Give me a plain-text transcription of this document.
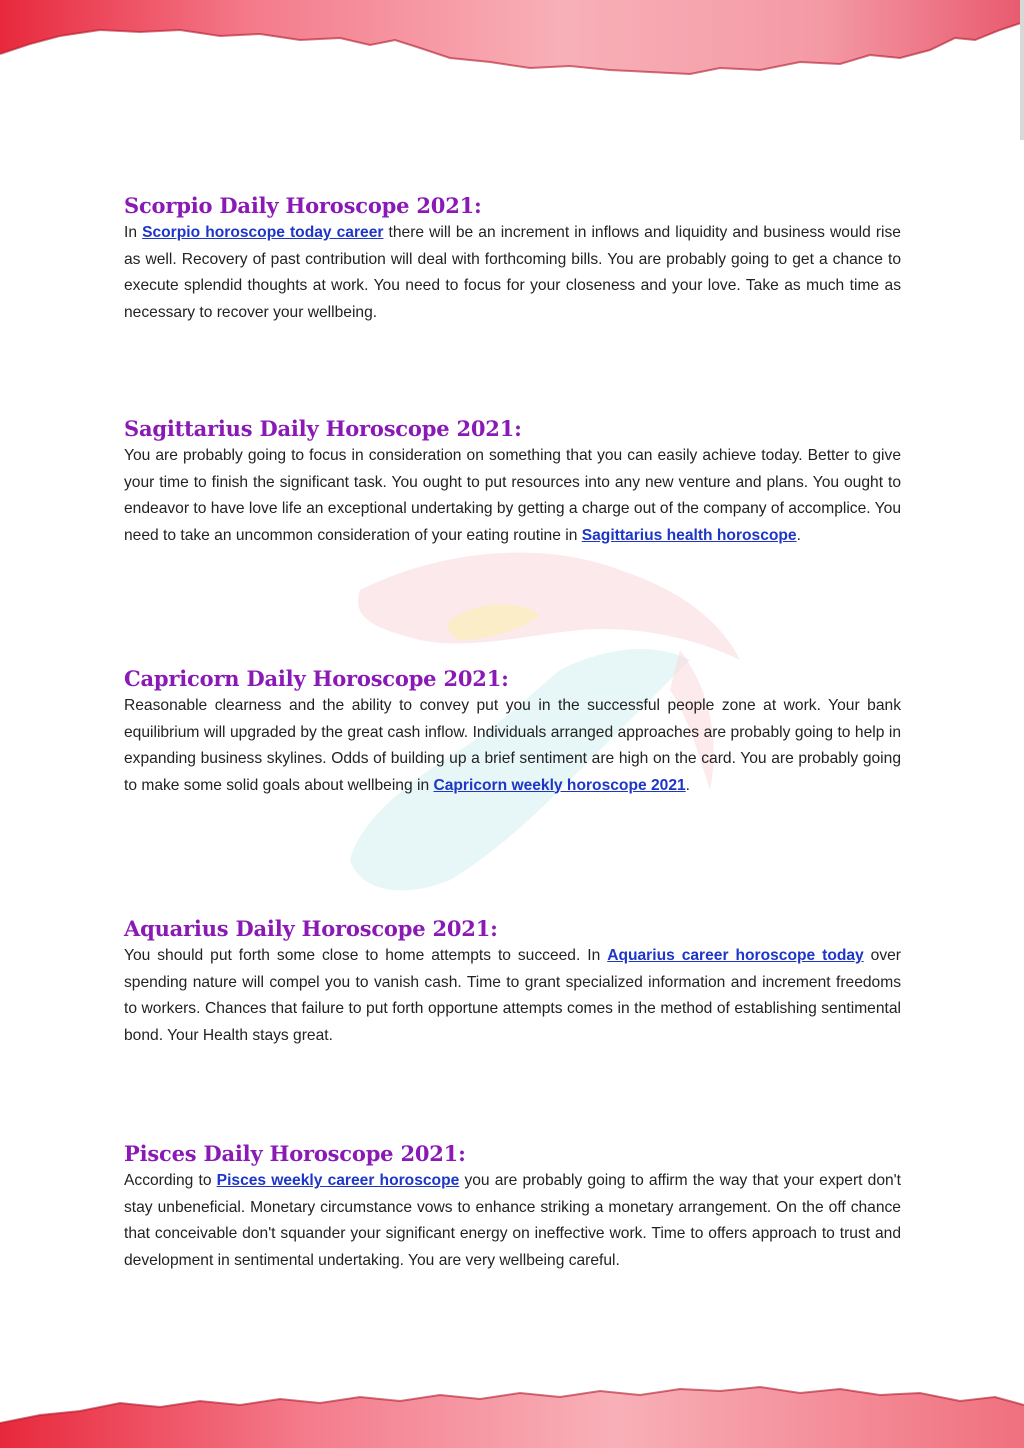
Scorpio Daily Horoscope 2021:

In Scorpio horoscope today career there will be an increment in inflows and liquidity and business would rise as well. Recovery of past contribution will deal with forthcoming bills. You are probably going to get a chance to execute splendid thoughts at work. You need to focus for your closeness and your love. Take as much time as necessary to recover your wellbeing.

Sagittarius Daily Horoscope 2021:

You are probably going to focus in consideration on something that you can easily achieve today. Better to give your time to finish the significant task. You ought to put resources into any new venture and plans. You ought to endeavor to have love life an exceptional undertaking by getting a charge out of the company of accomplice. You need to take an uncommon consideration of your eating routine in Sagittarius health horoscope.

Capricorn Daily Horoscope 2021:

Reasonable clearness and the ability to convey put you in the successful people zone at work. Your bank equilibrium will upgraded by the great cash inflow. Individuals arranged approaches are probably going to help in expanding business skylines. Odds of building up a brief sentiment are high on the card. You are probably going to make some solid goals about wellbeing in Capricorn weekly horoscope 2021.

Aquarius Daily Horoscope 2021:

You should put forth some close to home attempts to succeed. In Aquarius career horoscope today over spending nature will compel you to vanish cash. Time to grant specialized information and increment freedoms to workers. Chances that failure to put forth opportune attempts comes in the method of establishing sentimental bond. Your Health stays great.

Pisces Daily Horoscope 2021:

According to Pisces weekly career horoscope you are probably going to affirm the way that your expert don't stay unbeneficial. Monetary circumstance vows to enhance striking a monetary arrangement. On the off chance that conceivable don't squander your significant energy on ineffective work. Time to offers approach to trust and development in sentimental undertaking. You are very wellbeing careful.
